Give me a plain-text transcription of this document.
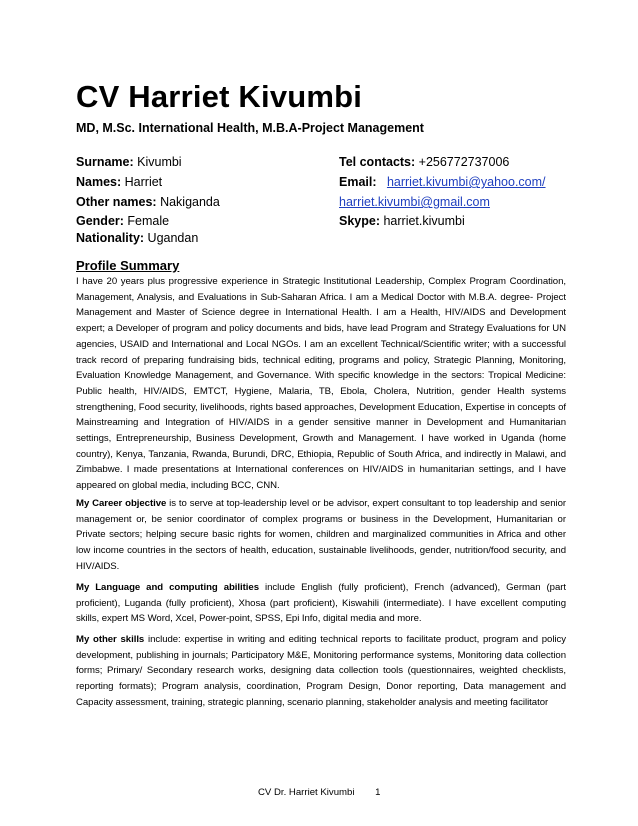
CV Harriet Kivumbi
MD, M.Sc. International Health, M.B.A-Project Management
Surname: Kivumbi
Names: Harriet
Other names: Nakiganda
Gender: Female
Nationality: Ugandan
Tel contacts: +256772737006
Email: harriet.kivumbi@yahoo.com/
harriet.kivumbi@gmail.com
Skype: harriet.kivumbi
Profile Summary
I have 20 years plus progressive experience in Strategic Institutional Leadership, Complex Program Coordination, Management, Analysis, and Evaluations in Sub-Saharan Africa. I am a Medical Doctor with M.B.A. degree- Project Management and Master of Science degree in International Health. I am a Health, HIV/AIDS and Development expert; a Developer of program and policy documents and bids, have lead Program and Strategy Evaluations for UN agencies, USAID and International and Local NGOs. I am an excellent Technical/Scientific writer; with a successful track record of preparing fundraising bids, technical editing, programs and policy, Strategic Planning, Monitoring, Evaluation Knowledge Management, and Governance. With specific knowledge in the sectors: Tropical Medicine: Public health, HIV/AIDS, EMTCT, Hygiene, Malaria, TB, Ebola, Cholera, Nutrition, gender Health systems strengthening, Food security, livelihoods, rights based approaches, Development Education, Expertise in concepts of Mainstreaming and Integration of HIV/AIDS in a gender sensitive manner in Development and Humanitarian settings, Entrepreneurship, Business Development, Growth and Management. I have worked in Uganda (home country), Kenya, Tanzania, Rwanda, Burundi, DRC, Ethiopia, Republic of South Africa, and indirectly in Malawi, and Zimbabwe. I made presentations at International conferences on HIV/AIDS in humanitarian settings, and I have appeared on global media, including BCC, CNN.
My Career objective is to serve at top-leadership level or be advisor, expert consultant to top leadership and senior management or, be senior coordinator of complex programs or business in the Development, Humanitarian or Private sectors; helping secure basic rights for women, children and marginalized communities in Africa and other low income countries in the sectors of health, education, sustainable livelihoods, gender, nutrition/food security, and HIV/AIDS.
My Language and computing abilities include English (fully proficient), French (advanced), German (part proficient), Luganda (fully proficient), Xhosa (part proficient), Kiswahili (intermediate). I have excellent computing skills, expert MS Word, Xcel, Power-point, SPSS, Epi Info, digital media and more.
My other skills include: expertise in writing and editing technical reports to facilitate product, program and policy development, publishing in journals; Participatory M&E, Monitoring performance systems, Monitoring data collection forms; Primary/ Secondary research works, designing data collection tools (questionnaires, weighted checklists, reporting formats); Program analysis, coordination, Program Design, Donor reporting, Data management and Capacity assessment, training, strategic planning, scenario planning, stakeholder analysis and meeting facilitator
CV Dr. Harriet Kivumbi 1
